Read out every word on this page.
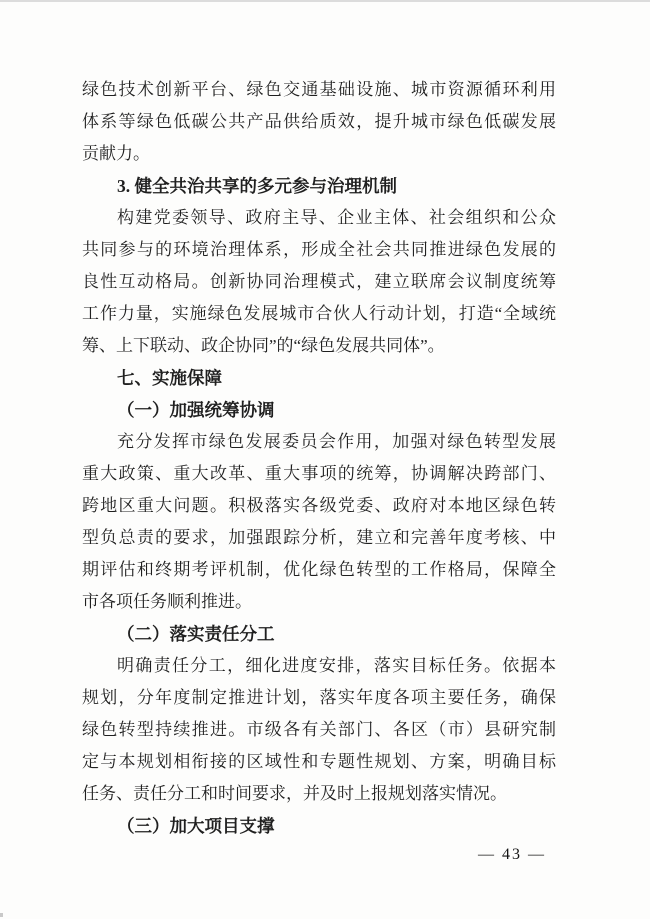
绿色技术创新平台、绿色交通基础设施、城市资源循环利用
体系等绿色低碳公共产品供给质效，提升城市绿色低碳发展
贡献力。
3. 健全共治共享的多元参与治理机制
构建党委领导、政府主导、企业主体、社会组织和公众
共同参与的环境治理体系，形成全社会共同推进绿色发展的
良性互动格局。创新协同治理模式，建立联席会议制度统筹
工作力量，实施绿色发展城市合伙人行动计划，打造“全域统
筹、上下联动、政企协同”的“绿色发展共同体”。
七、实施保障
（一）加强统筹协调
充分发挥市绿色发展委员会作用，加强对绿色转型发展
重大政策、重大改革、重大事项的统筹，协调解决跨部门、
跨地区重大问题。积极落实各级党委、政府对本地区绿色转
型负总责的要求，加强跟踪分析，建立和完善年度考核、中
期评估和终期考评机制，优化绿色转型的工作格局，保障全
市各项任务顺利推进。
（二）落实责任分工
明确责任分工，细化进度安排，落实目标任务。依据本
规划，分年度制定推进计划，落实年度各项主要任务，确保
绿色转型持续推进。市级各有关部门、各区（市）县研究制
定与本规划相衔接的区域性和专题性规划、方案，明确目标
任务、责任分工和时间要求，并及时上报规划落实情况。
（三）加大项目支撑
— 43 —
